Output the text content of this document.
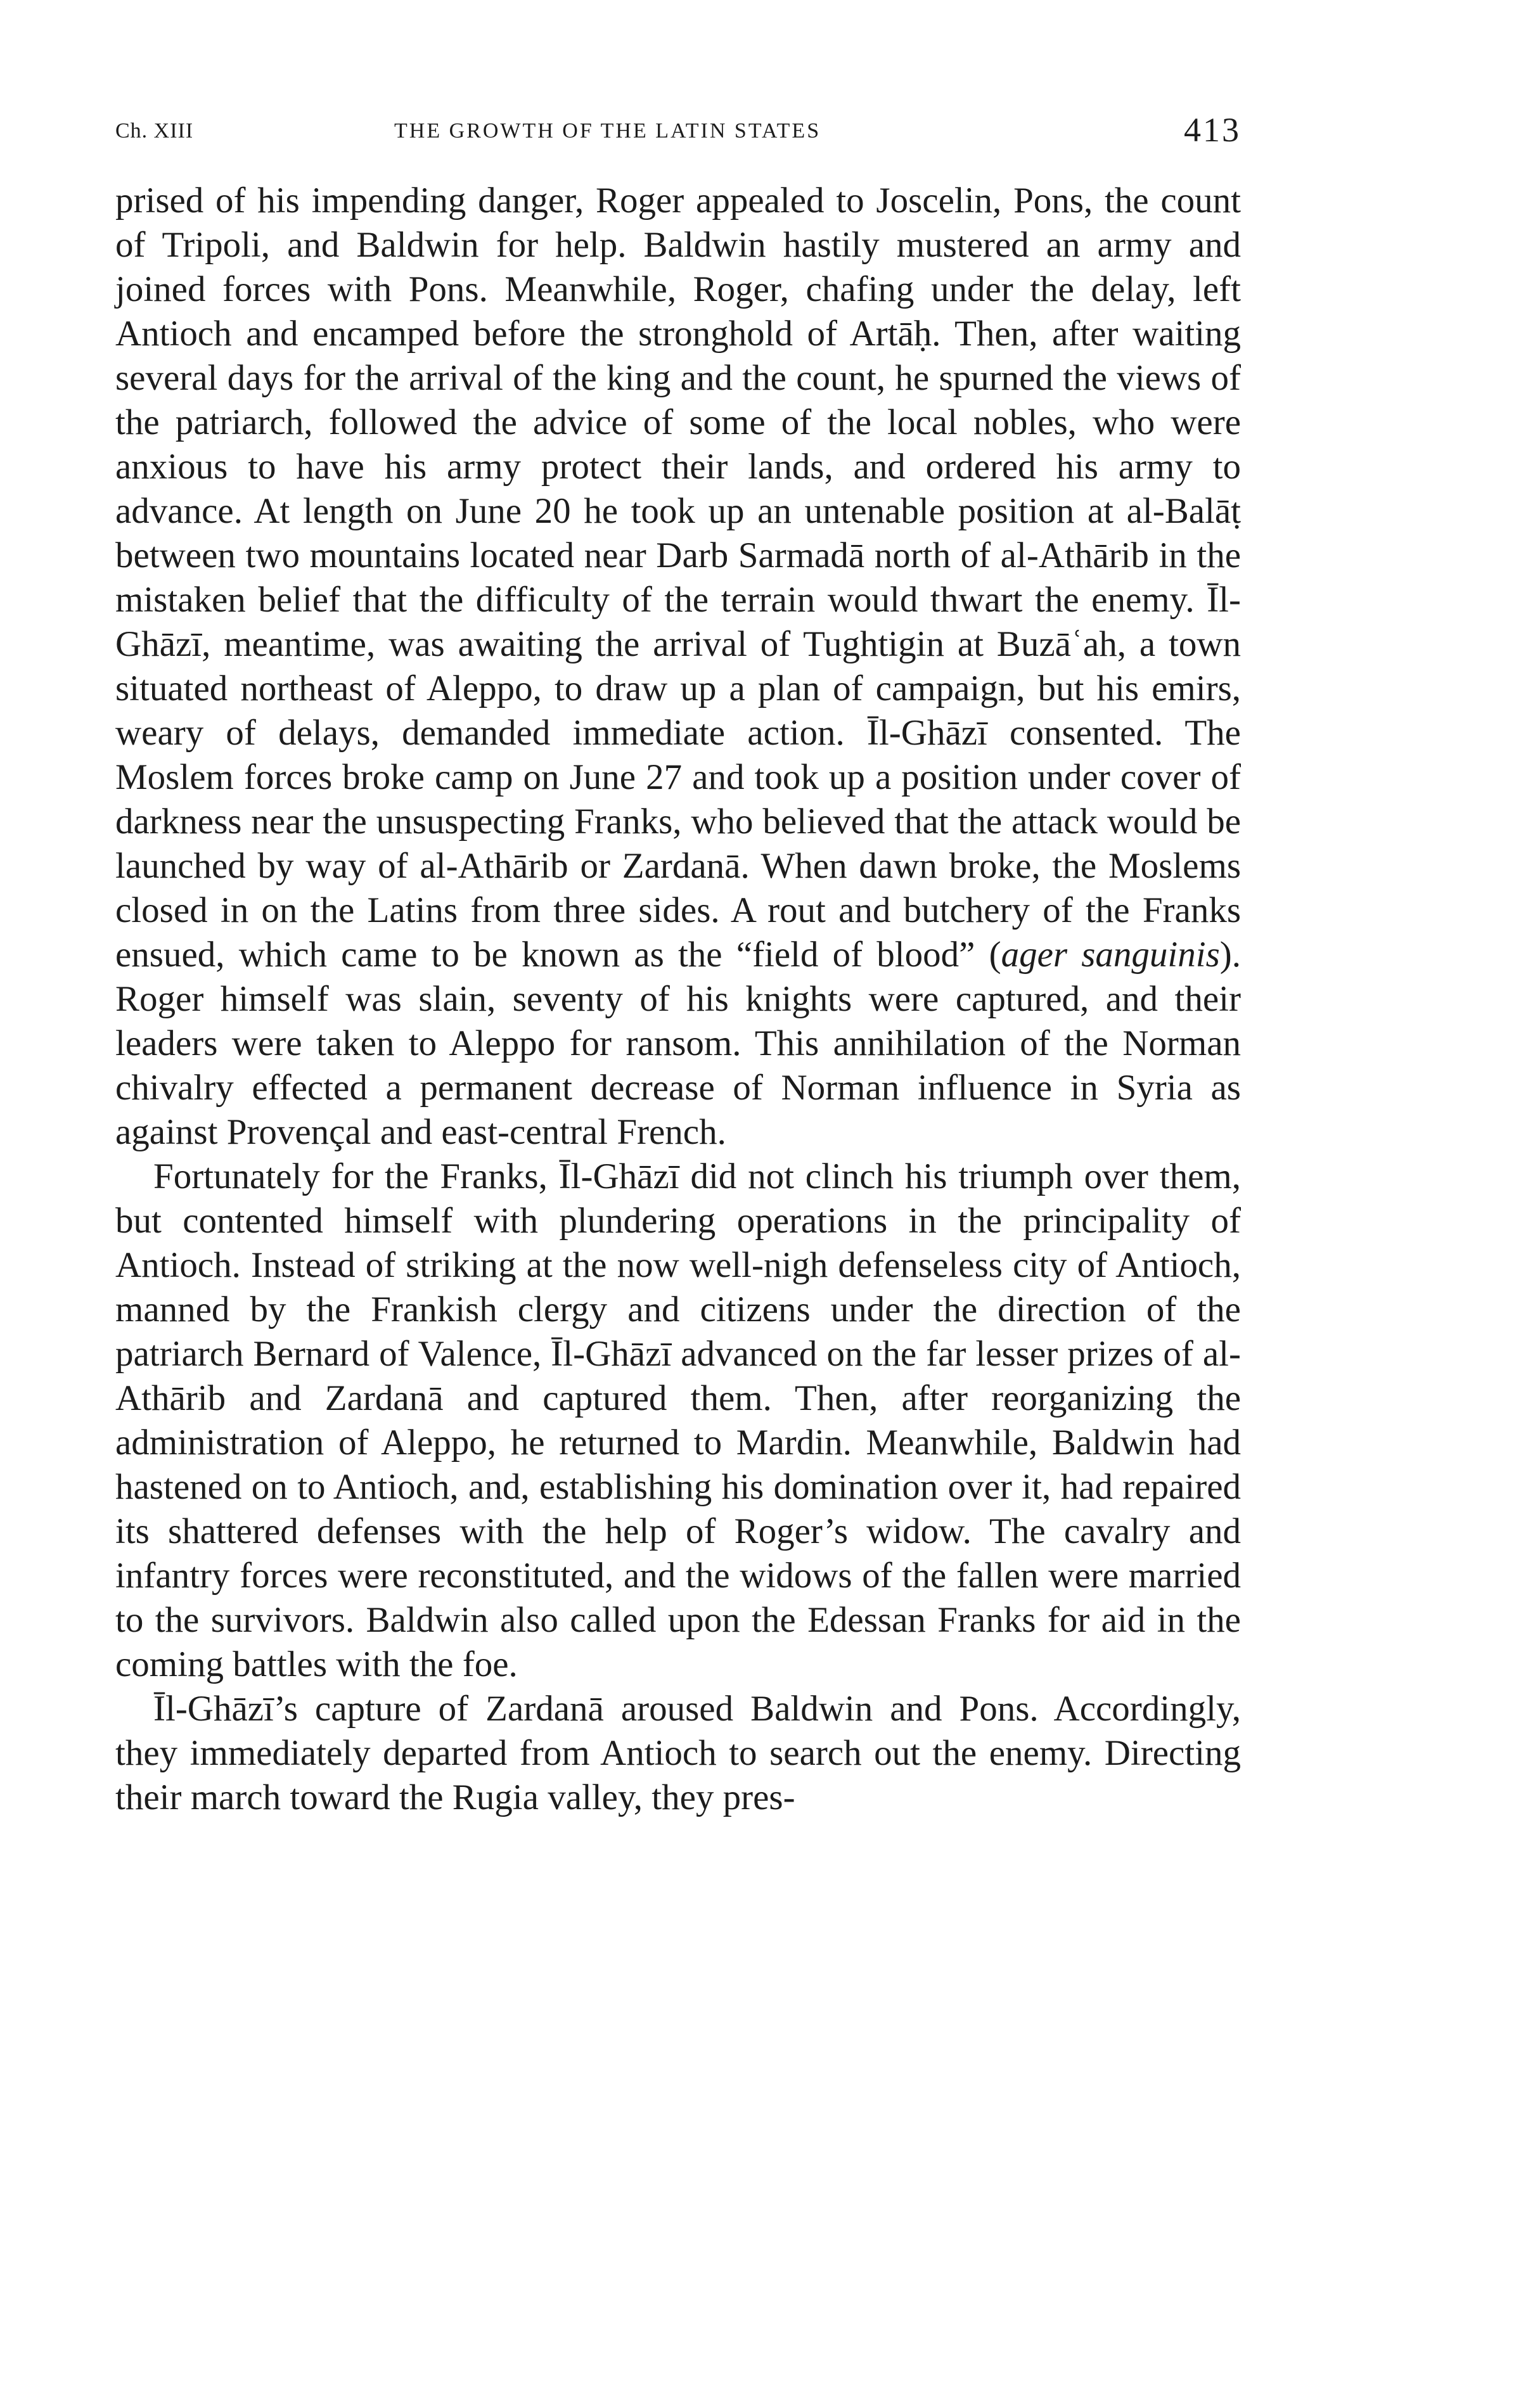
Ch. XIII	THE GROWTH OF THE LATIN STATES	413

prised of his impending danger, Roger appealed to Joscelin, Pons, the count of Tripoli, and Baldwin for help. Baldwin hastily mustered an army and joined forces with Pons. Meanwhile, Roger, chafing under the delay, left Antioch and encamped before the stronghold of Artāḥ. Then, after waiting several days for the arrival of the king and the count, he spurned the views of the patriarch, followed the advice of some of the local nobles, who were anxious to have his army protect their lands, and ordered his army to advance. At length on June 20 he took up an untenable position at al-Balāṭ between two mountains located near Darb Sarmadā north of al-Athārib in the mistaken belief that the difficulty of the terrain would thwart the enemy. Īl-Ghāzī, meantime, was awaiting the arrival of Tughtigin at Buzāʿah, a town situated northeast of Aleppo, to draw up a plan of campaign, but his emirs, weary of delays, demanded immediate action. Īl-Ghāzī consented. The Moslem forces broke camp on June 27 and took up a position under cover of darkness near the unsuspecting Franks, who believed that the attack would be launched by way of al-Athārib or Zardanā. When dawn broke, the Moslems closed in on the Latins from three sides. A rout and butchery of the Franks ensued, which came to be known as the “field of blood” (ager sanguinis). Roger himself was slain, seventy of his knights were captured, and their leaders were taken to Aleppo for ransom. This annihilation of the Norman chivalry effected a permanent decrease of Norman influence in Syria as against Provençal and east-central French.

Fortunately for the Franks, Īl-Ghāzī did not clinch his triumph over them, but contented himself with plundering operations in the principality of Antioch. Instead of striking at the now well-nigh defenseless city of Antioch, manned by the Frankish clergy and citizens under the direction of the patriarch Bernard of Valence, Īl-Ghāzī advanced on the far lesser prizes of al-Athārib and Zardanā and captured them. Then, after reorganizing the administration of Aleppo, he returned to Mardin. Meanwhile, Baldwin had hastened on to Antioch, and, establishing his domination over it, had repaired its shattered defenses with the help of Roger’s widow. The cavalry and infantry forces were reconstituted, and the widows of the fallen were married to the survivors. Baldwin also called upon the Edessan Franks for aid in the coming battles with the foe.

Īl-Ghāzī’s capture of Zardanā aroused Baldwin and Pons. Accordingly, they immediately departed from Antioch to search out the enemy. Directing their march toward the Rugia valley, they pres-
